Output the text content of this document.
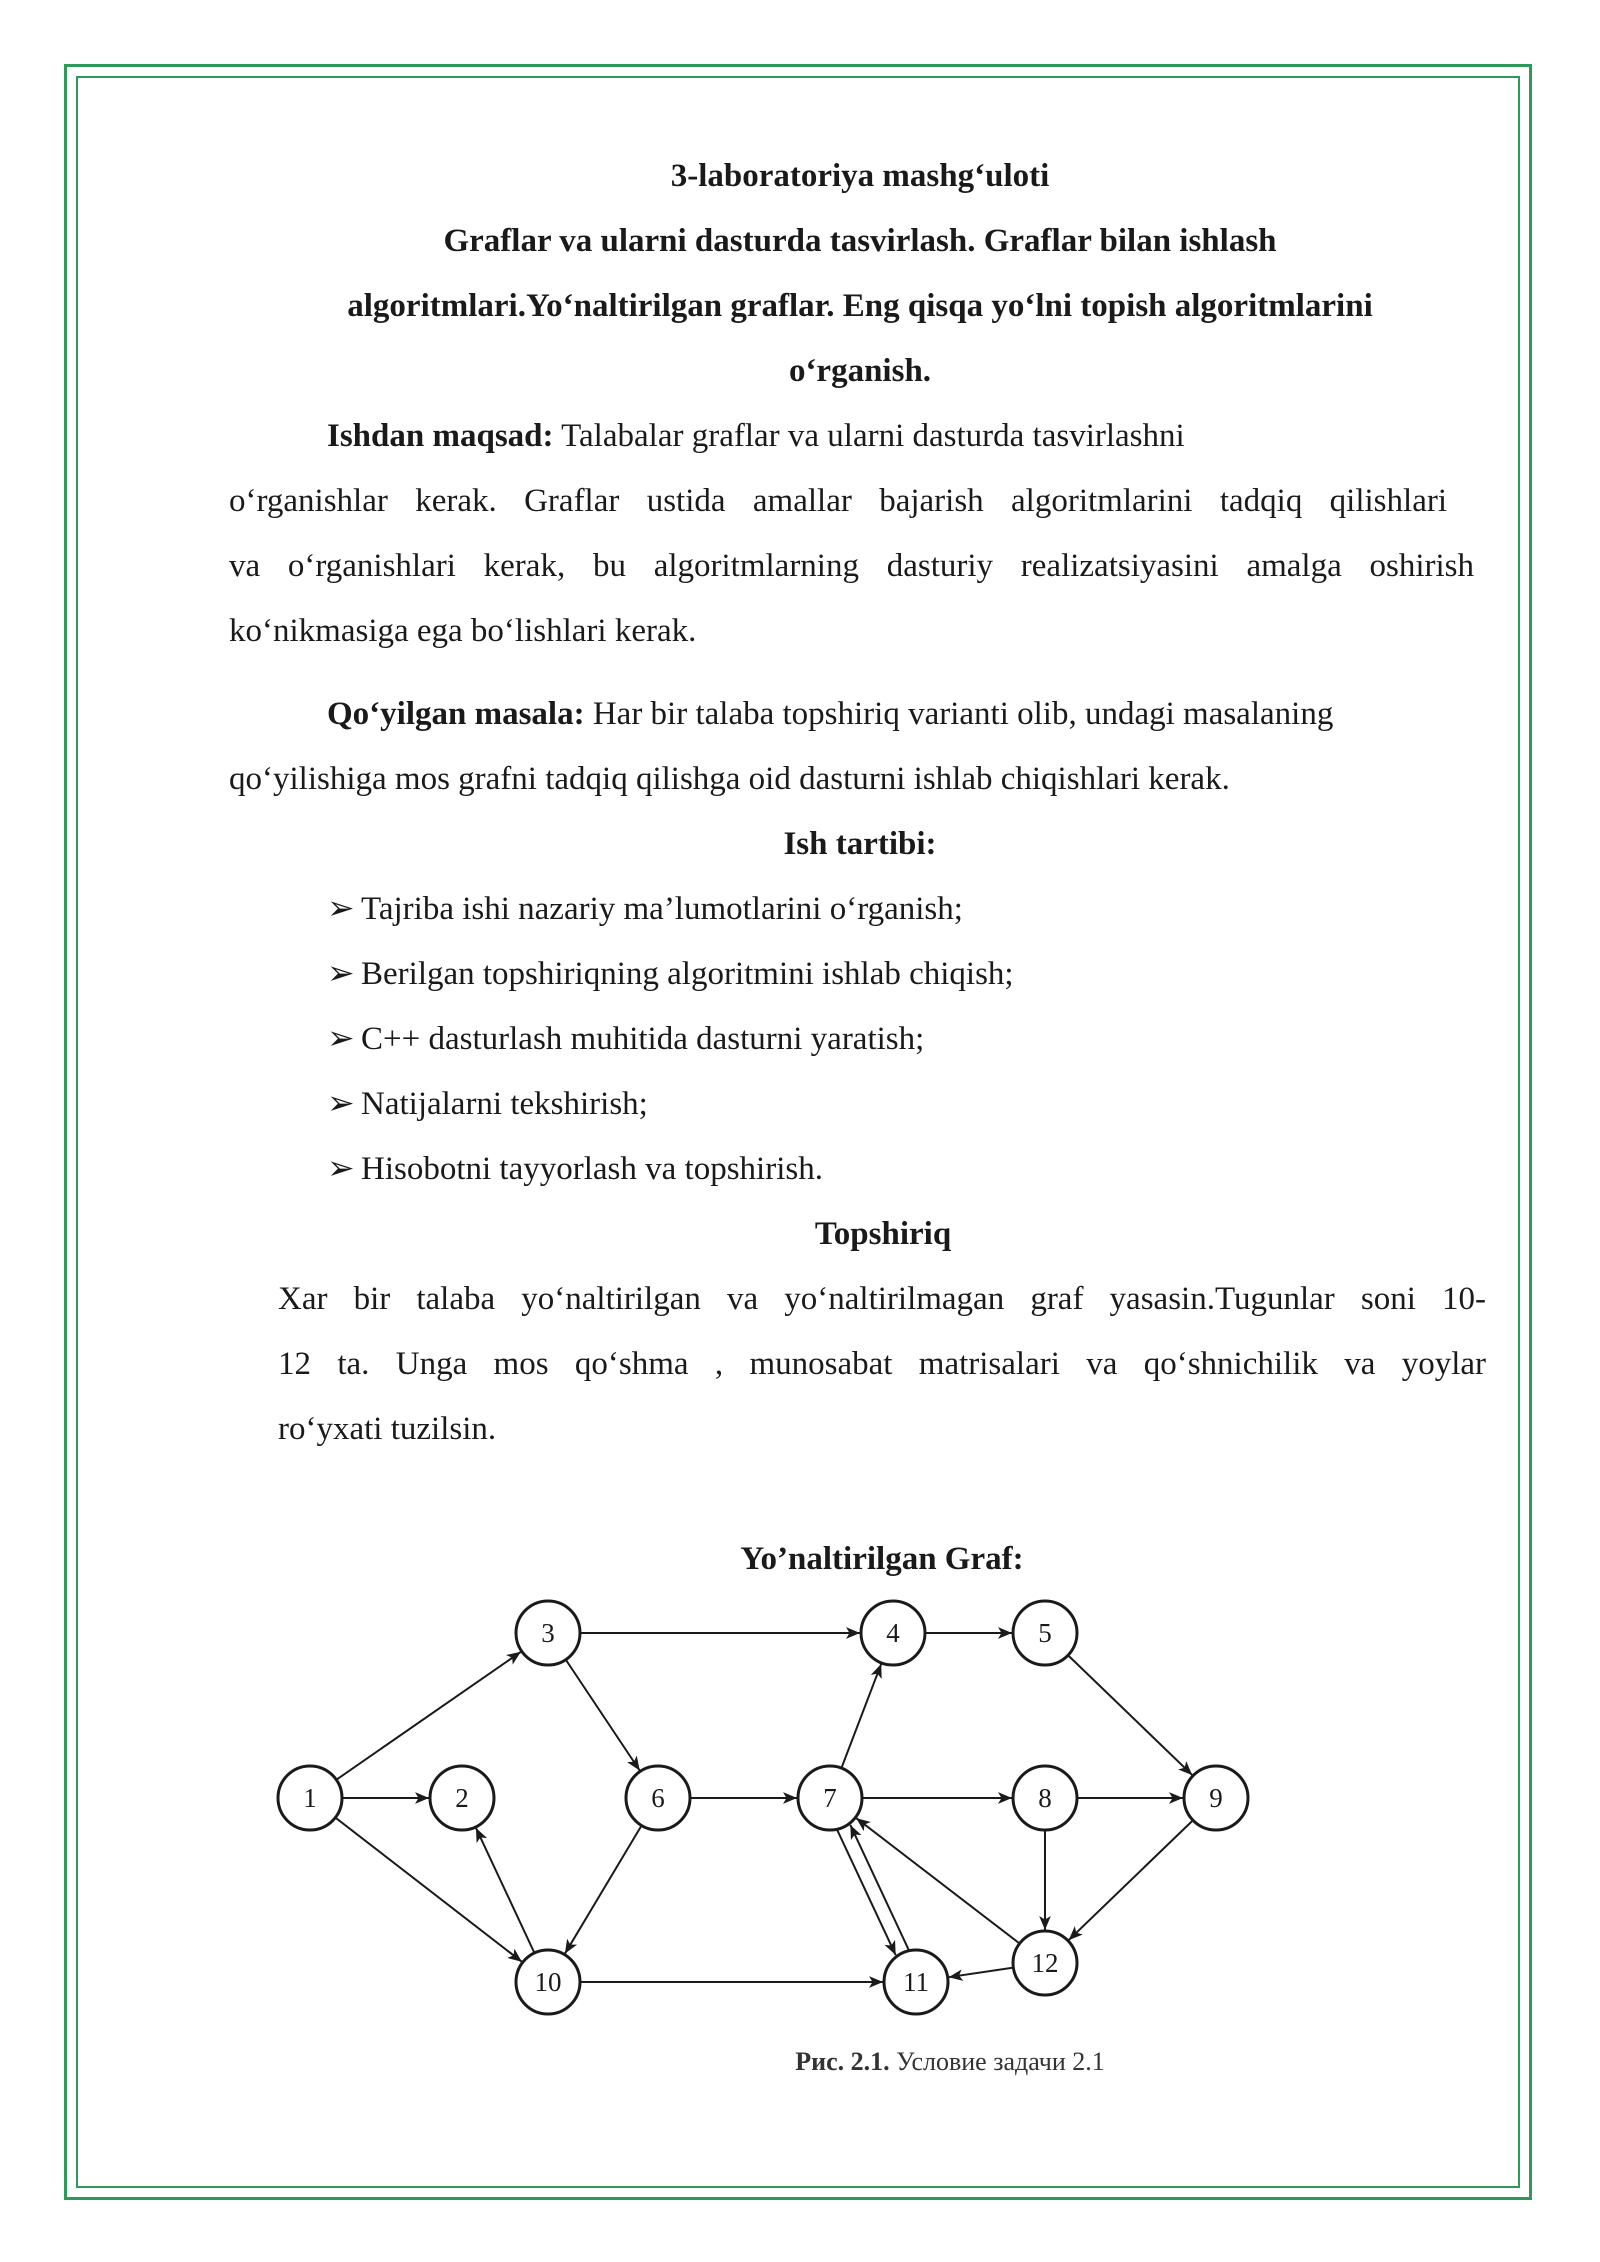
3-laboratoriya mashg‘uloti
Graflar va ularni dasturda tasvirlash. Graflar bilan ishlash
algoritmlari.Yo‘naltirilgan graflar. Eng qisqa yo‘lni topish algoritmlarini
o‘rganish.
Ishdan maqsad: Talabalar graflar va ularni dasturda tasvirlashni
o‘rganishlar kerak. Graflar ustida amallar bajarish algoritmlarini tadqiq qilishlari
va o‘rganishlari kerak, bu algoritmlarning dasturiy realizatsiyasini amalga oshirish
ko‘nikmasiga ega bo‘lishlari kerak.
Qo‘yilgan masala: Har bir talaba topshiriq varianti olib, undagi masalaning
qo‘yilishiga mos grafni tadqiq qilishga oid dasturni ishlab chiqishlari kerak.
Ish tartibi:
➢ Tajriba ishi nazariy ma’lumotlarini o‘rganish;
➢ Berilgan topshiriqning algoritmini ishlab chiqish;
➢ C++ dasturlash muhitida dasturni yaratish;
➢ Natijalarni tekshirish;
➢ Hisobotni tayyorlash va topshirish.
Topshiriq
Xar bir talaba yo‘naltirilgan va yo‘naltirilmagan graf yasasin.Tugunlar soni 10-
12 ta. Unga mos qo‘shma , munosabat matrisalari va qo‘shnichilik va yoylar
ro‘yxati tuzilsin.
Yo’naltirilgan Graf:
1	2
3	4	5
6	7	8	9
10	11
12
Рис. 2.1. Условие задачи 2.1
